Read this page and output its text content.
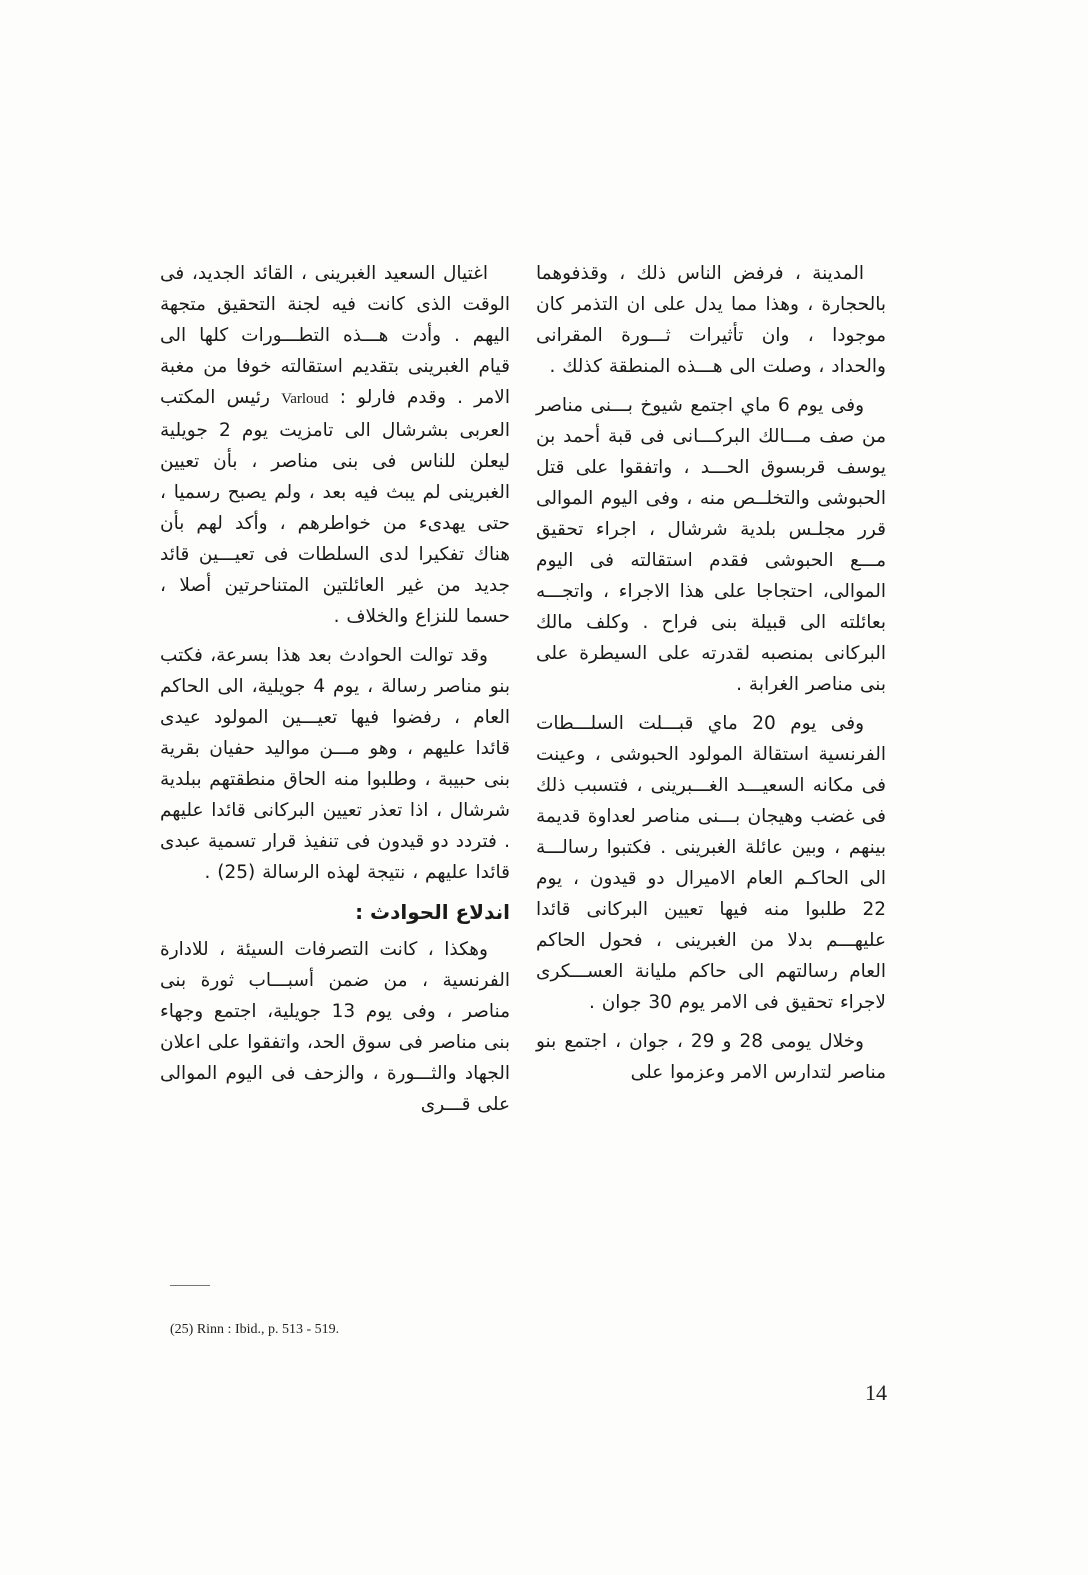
المدينة ، فرفض الناس ذلك ، وقذفوهما بالحجارة ، وهذا مما يدل على ان التذمر كان موجودا ، وان تأثيرات ثـــورة المقرانى والحداد ، وصلت الى هـــذه المنطقة كذلك .

وفى يوم 6 ماي اجتمع شيوخ بـــنى مناصر من صف مـــالك البركـــانى فى قبة أحمد بن يوسف قربسوق الحـــد ، واتفقوا على قتل الحبوشى والتخلــص منه ، وفى اليوم الموالى قرر مجلـس بلدية شرشال ، اجراء تحقيق مـــع الحبوشى فقدم استقالته فى اليوم الموالى، احتجاجا على هذا الاجراء ، واتجـــه بعائلته الى قبيلة بنى فراح . وكلف مالك البركانى بمنصبه لقدرته على السيطرة على بنى مناصر الغرابة .

وفى يوم 20 ماي قبـــلت السلـــطات الفرنسية استقالة المولود الحبوشى ، وعينت فى مكانه السعيـــد الغـــبرينى ، فتسبب ذلك فى غضب وهيجان بـــنى مناصر لعداوة قديمة بينهم ، وبين عائلة الغبرينى . فكتبوا رسالـــة الى الحاكـم العام الاميرال دو قيدون ، يوم 22 طلبوا منه فيها تعيين البركانى قائدا عليهـــم بدلا من الغبرينى ، فحول الحاكم العام رسالتهم الى حاكم مليانة العســـكرى لاجراء تحقيق فى الامر يوم 30 جوان .

وخلال يومى 28 و 29 ، جوان ، اجتمع بنو مناصر لتدارس الامر وعزموا على

اغتيال السعيد الغبرينى ، القائد الجديد، فى الوقت الذى كانت فيه لجنة التحقيق متجهة اليهم . وأدت هـــذه التطـــورات كلها الى قيام الغبرينى بتقديم استقالته خوفا من مغبة الامر . وقدم فارلو : Varloud رئيس المكتب العربى بشرشال الى تامزيت يوم 2 جويلية ليعلن للناس فى بنى مناصر ، بأن تعيين الغبرينى لم يبث فيه بعد ، ولم يصبح رسميا ، حتى يهدىء من خواطرهم ، وأكد لهم بأن هناك تفكيرا لدى السلطات فى تعيـــين قائد جديد من غير العائلتين المتناحرتين أصلا ، حسما للنزاع والخلاف .

وقد توالت الحوادث بعد هذا بسرعة، فكتب بنو مناصر رسالة ، يوم 4 جويلية، الى الحاكم العام ، رفضوا فيها تعيـــين المولود عيدى قائدا عليهم ، وهو مـــن مواليد حفيان بقرية بنى حبيبة ، وطلبوا منه الحاق منطقتهم ببلدية شرشال ، اذا تعذر تعيين البركانى قائدا عليهم . فتردد دو قيدون فى تنفيذ قرار تسمية عبدى قائدا عليهم ، نتيجة لهذه الرسالة (25) .

اندلاع الحوادث :

وهكذا ، كانت التصرفات السيئة ، للادارة الفرنسية ، من ضمن أسبـــاب ثورة بنى مناصر ، وفى يوم 13 جويلية، اجتمع وجهاء بنى مناصر فى سوق الحد، واتفقوا على اعلان الجهاد والثـــورة ، والزحف فى اليوم الموالى على قـــرى

(25) Rinn : Ibid., p. 513 - 519.
14
